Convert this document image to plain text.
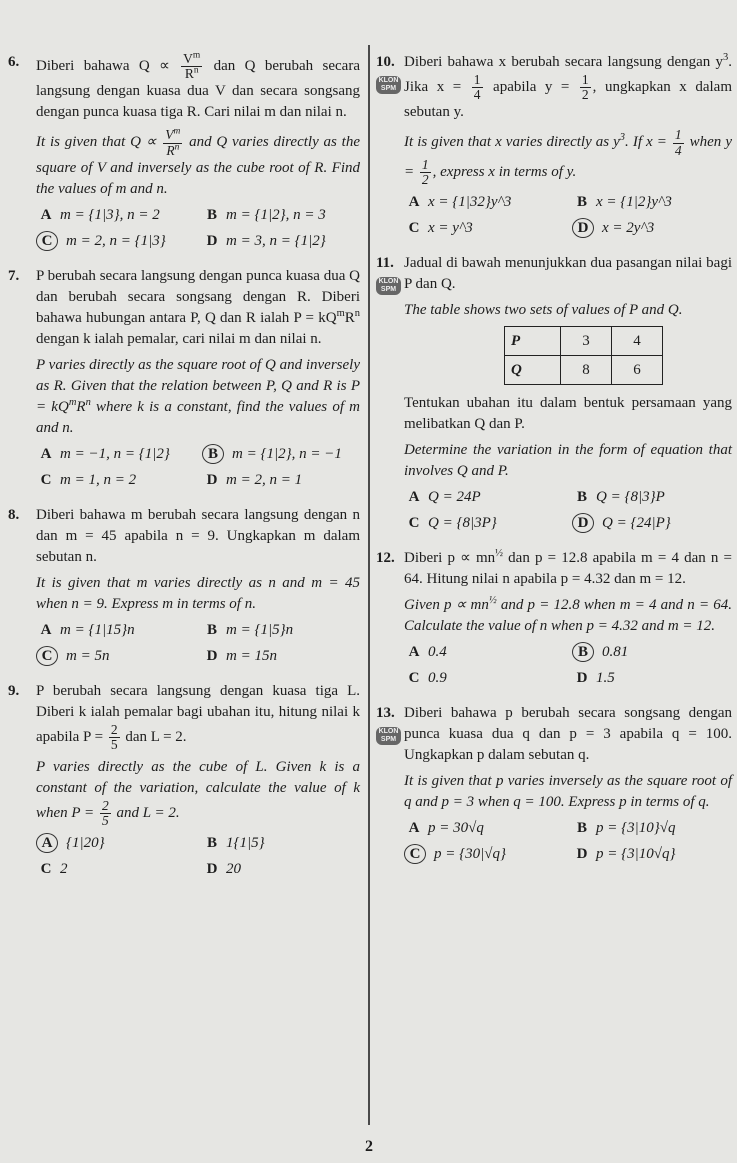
6. Diberi bahawa $Q \propto \frac{V^m}{R^n}$ dan Q berubah secara langsung dengan kuasa dua V dan secara songsang dengan punca kuasa tiga R. Cari nilai m dan nilai n.

It is given that $Q \propto \frac{V^m}{R^n}$ and Q varies directly as the square of V and inversely as the cube root of R. Find the values of m and n.

A m = {1|3}, n = 2	B m = {1|2}, n = 3
C m = 2, n = {1|3}	D m = 3, n = {1|2}
7. P berubah secara langsung dengan punca kuasa dua Q dan berubah secara songsang dengan R. Diberi bahawa hubungan antara P, Q dan R ialah $P = kQ^mR^n$ dengan k ialah pemalar, cari nilai m dan nilai n.

P varies directly as the square root of Q and inversely as R. Given that the relation between P, Q and R is $P = kQ^mR^n$ where k is a constant, find the values of m and n.

A m = −1, n = {1|2}	B m = {1|2}, n = −1
C m = 1, n = 2	D m = 2, n = 1
8. Diberi bahawa m berubah secara langsung dengan n dan m = 45 apabila n = 9. Ungkapkan m dalam sebutan n.

It is given that m varies directly as n and m = 45 when n = 9. Express m in terms of n.

A m = {1|15}n	B m = {1|5}n
C m = 5n	D m = 15n
9. P berubah secara langsung dengan kuasa tiga L. Diberi k ialah pemalar bagi ubahan itu, hitung nilai k apabila $P = \frac{2}{5}$ dan L = 2.

P varies directly as the cube of L. Given k is a constant of the variation, calculate the value of k when $P = \frac{2}{5}$ and L = 2.

A {1|20}	B 1{1|5}
C 2	D 20
10.
KLON SPM

Diberi bahawa x berubah secara langsung dengan $y^3$. Jika $x = \frac{1}{4}$ apabila $y = \frac{1}{2}$ , ungkapkan x dalam sebutan y.

It is given that x varies directly as $y^3$. If $x = \frac{1}{4}$ when $y = \frac{1}{2}$ , express x in terms of y.

A x = {1|32}y^3	B x = {1|2}y^3
C x = y^3	D x = 2y^3
11.
KLON SPM

Jadual di bawah menunjukkan dua pasangan nilai bagi P dan Q.

The table shows two sets of values of P and Q.

P	3	4
Q	8	6

Tentukan ubahan itu dalam bentuk persamaan yang melibatkan Q dan P.

Determine the variation in the form of equation that involves Q and P.

A Q = 24P	B Q = {8|3}P
C Q = {8|3P}	D Q = {24|P}
12. Diberi $p \propto mn^{\frac{1}{2}}$ dan p = 12.8 apabila m = 4 dan n = 64. Hitung nilai n apabila p = 4.32 dan m = 12.

Given $p \propto mn^{\frac{1}{2}}$ and p = 12.8 when m = 4 and n = 64. Calculate the value of n when p = 4.32 and m = 12.

A 0.4	B 0.81
C 0.9	D 1.5
13.
KLON SPM

Diberi bahawa p berubah secara songsang dengan punca kuasa dua q dan p = 3 apabila q = 100. Ungkapkan p dalam sebutan q.

It is given that p varies inversely as the square root of q and p = 3 when q = 100. Express p in terms of q.

A p = 30√q	B p = {3|10}√q
C p = {30|√q}	D p = {3|10√q}
2
